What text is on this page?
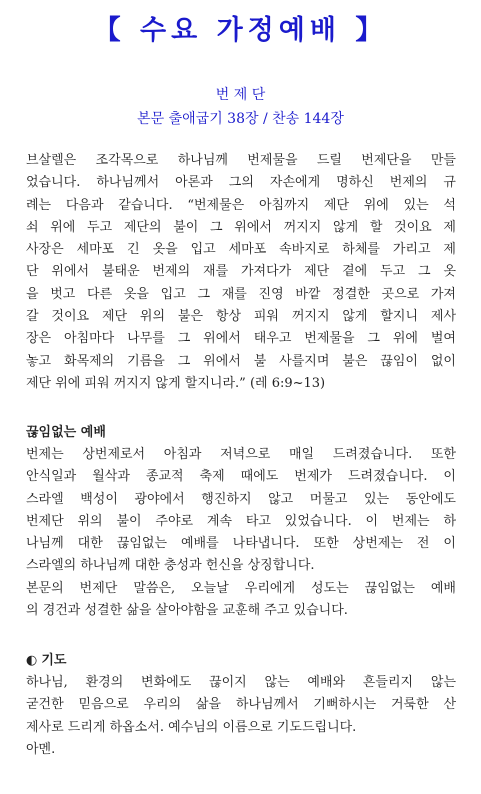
【 수요 가정예배 】
번 제 단
본문 출애굽기 38장 / 찬송 144장
브살렐은 조각목으로 하나님께 번제물을 드릴 번제단을 만들
었습니다. 하나님께서 아론과 그의 자손에게 명하신 번제의 규
례는 다음과 같습니다. “번제물은 아침까지 제단 위에 있는 석
쇠 위에 두고 제단의 불이 그 위에서 꺼지지 않게 할 것이요 제
사장은 세마포 긴 옷을 입고 세마포 속바지로 하체를 가리고 제
단 위에서 불태운 번제의 재를 가져다가 제단 곁에 두고 그 옷
을 벗고 다른 옷을 입고 그 재를 진영 바깥 정결한 곳으로 가져
갈 것이요 제단 위의 불은 항상 피워 꺼지지 않게 할지니 제사
장은 아침마다 나무를 그 위에서 태우고 번제물을 그 위에 벌여
놓고 화목제의 기름을 그 위에서 불 사를지며 불은 끊임이 없이
제단 위에 피워 꺼지지 않게 할지니라.” (레 6:9~13)
끊임없는 예배
번제는 상번제로서 아침과 저녁으로 매일 드려졌습니다. 또한
안식일과 월삭과 종교적 축제 때에도 번제가 드려졌습니다. 이
스라엘 백성이 광야에서 행진하지 않고 머물고 있는 동안에도
번제단 위의 불이 주야로 계속 타고 있었습니다. 이 번제는 하
나님께 대한 끊임없는 예배를 나타냅니다. 또한 상번제는 전 이
스라엘의 하나님께 대한 충성과 헌신을 상징합니다.
본문의 번제단 말씀은, 오늘날 우리에게 성도는 끊임없는 예배
의 경건과 성결한 삶을 살아야함을 교훈해 주고 있습니다.
◐ 기도
하나님, 환경의 변화에도 끊이지 않는 예배와 흔들리지 않는
굳건한 믿음으로 우리의 삶을 하나님께서 기뻐하시는 거룩한 산
제사로 드리게 하옵소서. 예수님의 이름으로 기도드립니다.
아멘.
